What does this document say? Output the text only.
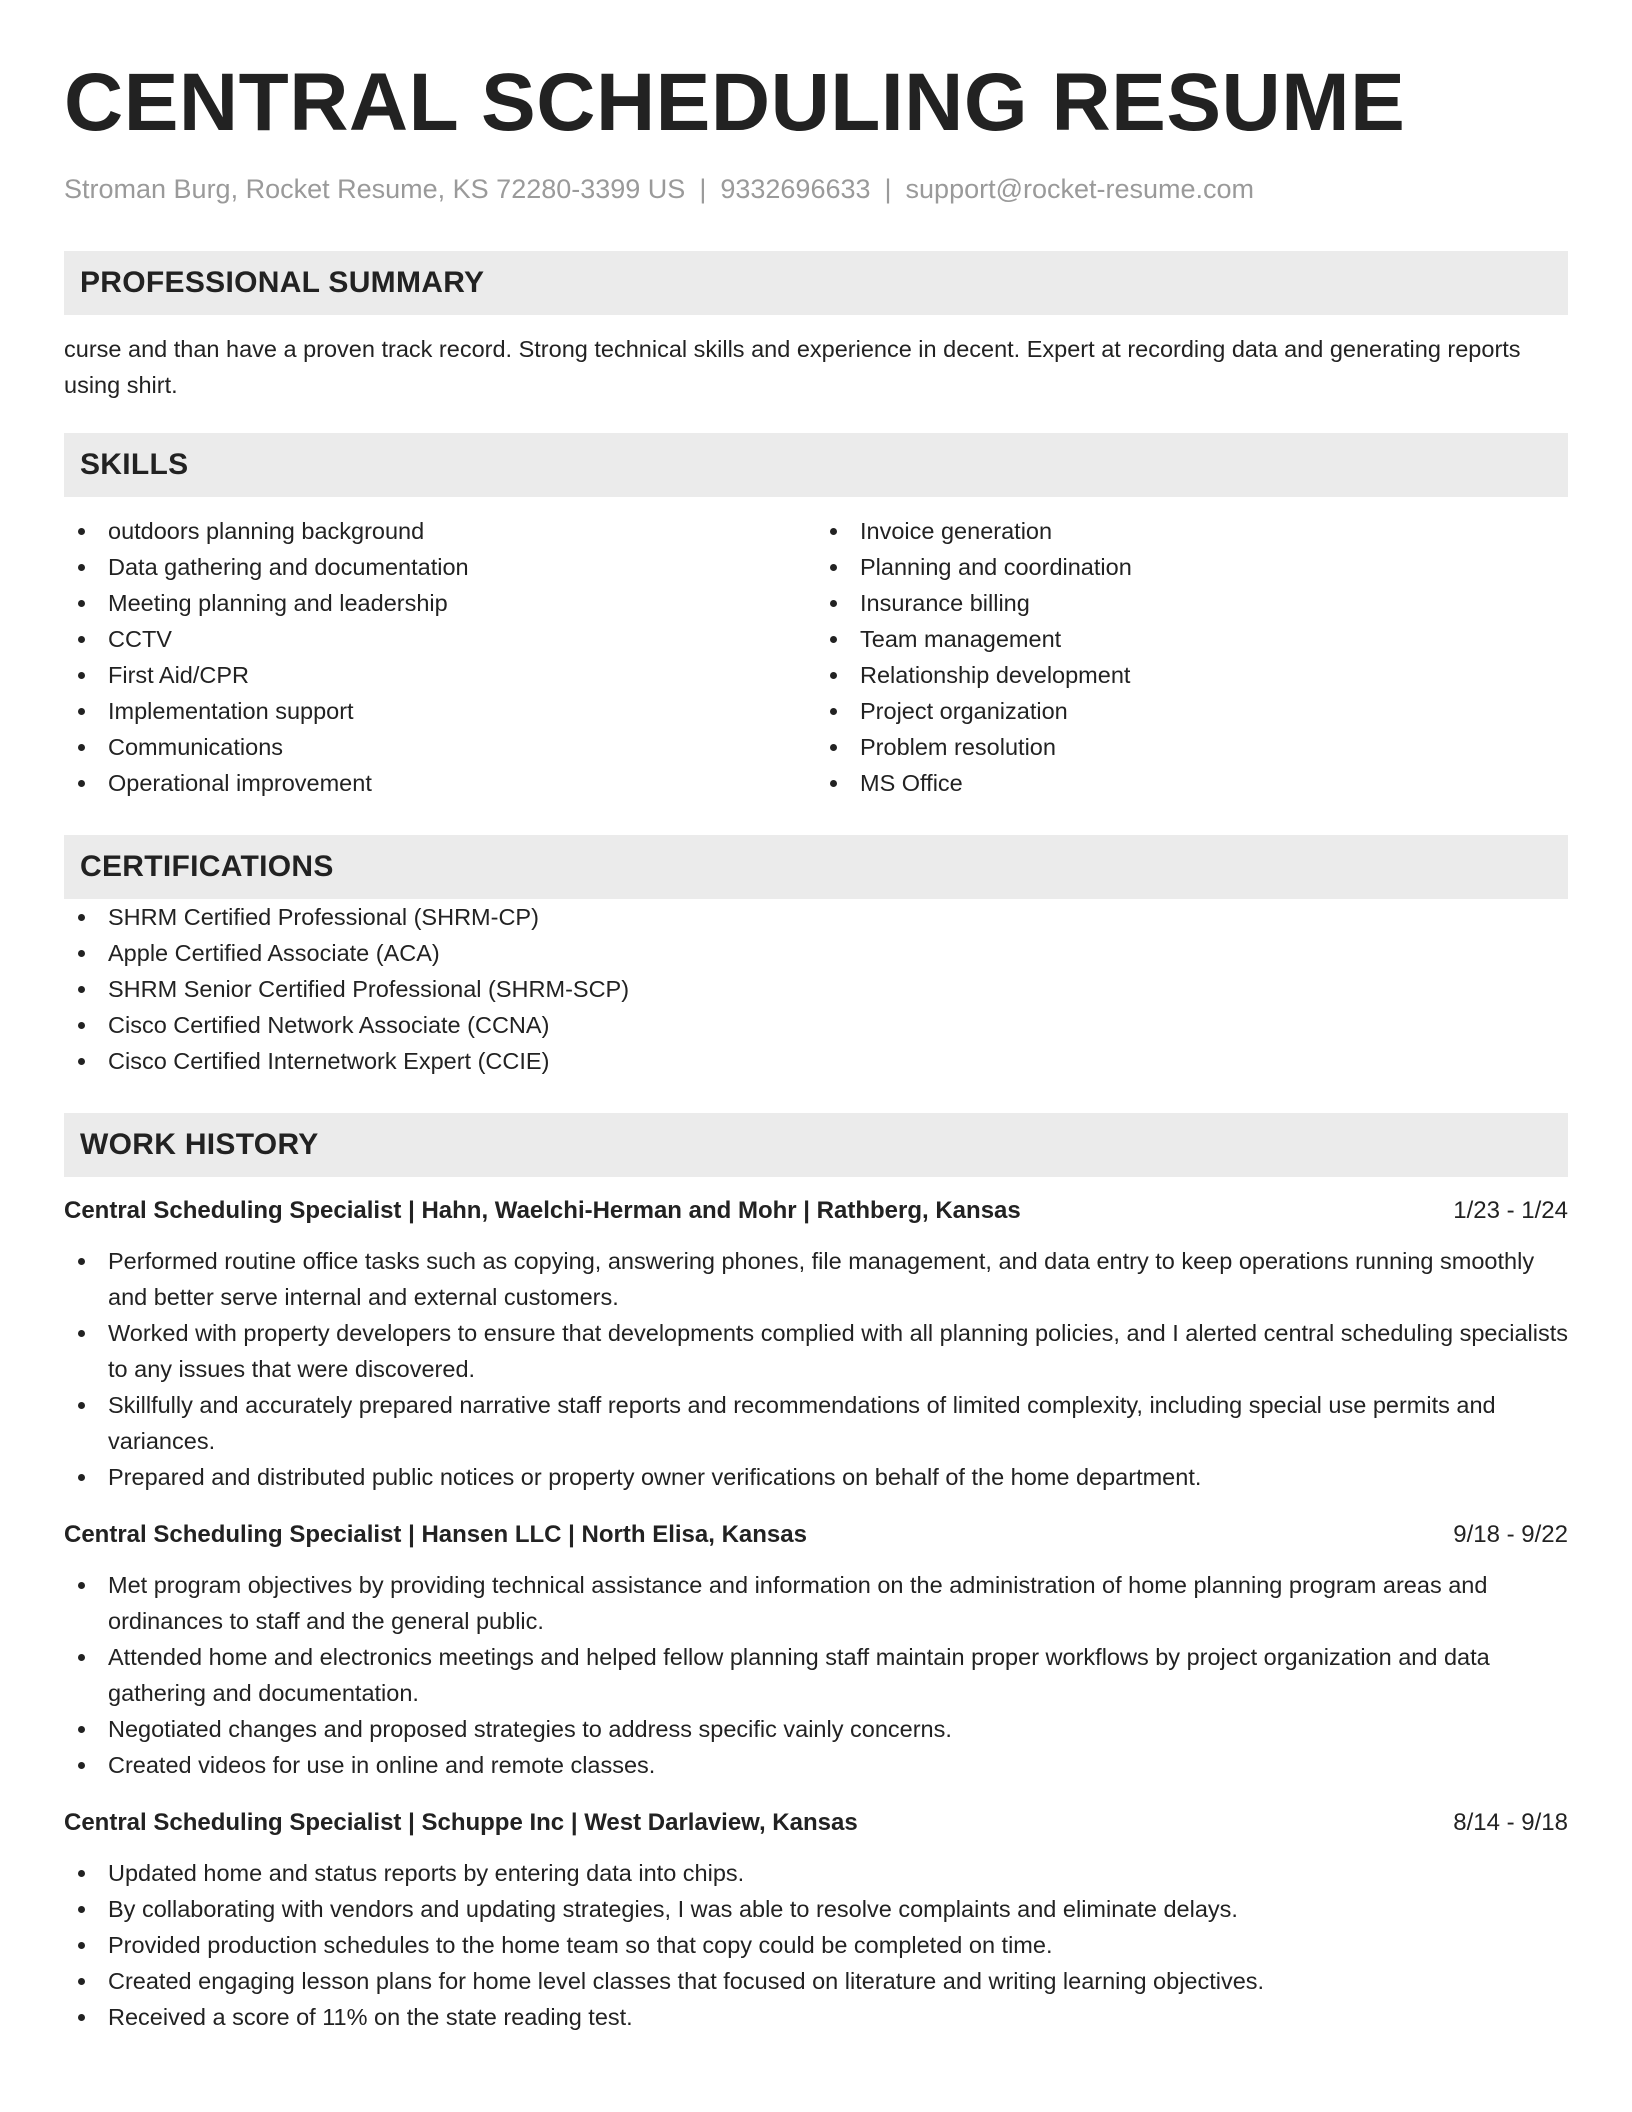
CENTRAL SCHEDULING RESUME
Stroman Burg, Rocket Resume, KS 72280-3399 US | 9332696633 | support@rocket-resume.com
PROFESSIONAL SUMMARY

curse and than have a proven track record. Strong technical skills and experience in decent. Expert at recording data and generating reports using shirt.

SKILLS
outdoors planning background
Data gathering and documentation
Meeting planning and leadership
CCTV
First Aid/CPR
Implementation support
Communications
Operational improvement
Invoice generation
Planning and coordination
Insurance billing
Team management
Relationship development
Project organization
Problem resolution
MS Office
CERTIFICATIONS
SHRM Certified Professional (SHRM-CP)
Apple Certified Associate (ACA)
SHRM Senior Certified Professional (SHRM-SCP)
Cisco Certified Network Associate (CCNA)
Cisco Certified Internetwork Expert (CCIE)
WORK HISTORY
Central Scheduling Specialist | Hahn, Waelchi-Herman and Mohr | Rathberg, Kansas	1/23 - 1/24
Performed routine office tasks such as copying, answering phones, file management, and data entry to keep operations running smoothly and better serve internal and external customers.
Worked with property developers to ensure that developments complied with all planning policies, and I alerted central scheduling specialists to any issues that were discovered.
Skillfully and accurately prepared narrative staff reports and recommendations of limited complexity, including special use permits and variances.
Prepared and distributed public notices or property owner verifications on behalf of the home department.
Central Scheduling Specialist | Hansen LLC | North Elisa, Kansas	9/18 - 9/22
Met program objectives by providing technical assistance and information on the administration of home planning program areas and ordinances to staff and the general public.
Attended home and electronics meetings and helped fellow planning staff maintain proper workflows by project organization and data gathering and documentation.
Negotiated changes and proposed strategies to address specific vainly concerns.
Created videos for use in online and remote classes.
Central Scheduling Specialist | Schuppe Inc | West Darlaview, Kansas	8/14 - 9/18
Updated home and status reports by entering data into chips.
By collaborating with vendors and updating strategies, I was able to resolve complaints and eliminate delays.
Provided production schedules to the home team so that copy could be completed on time.
Created engaging lesson plans for home level classes that focused on literature and writing learning objectives.
Received a score of 11% on the state reading test.
